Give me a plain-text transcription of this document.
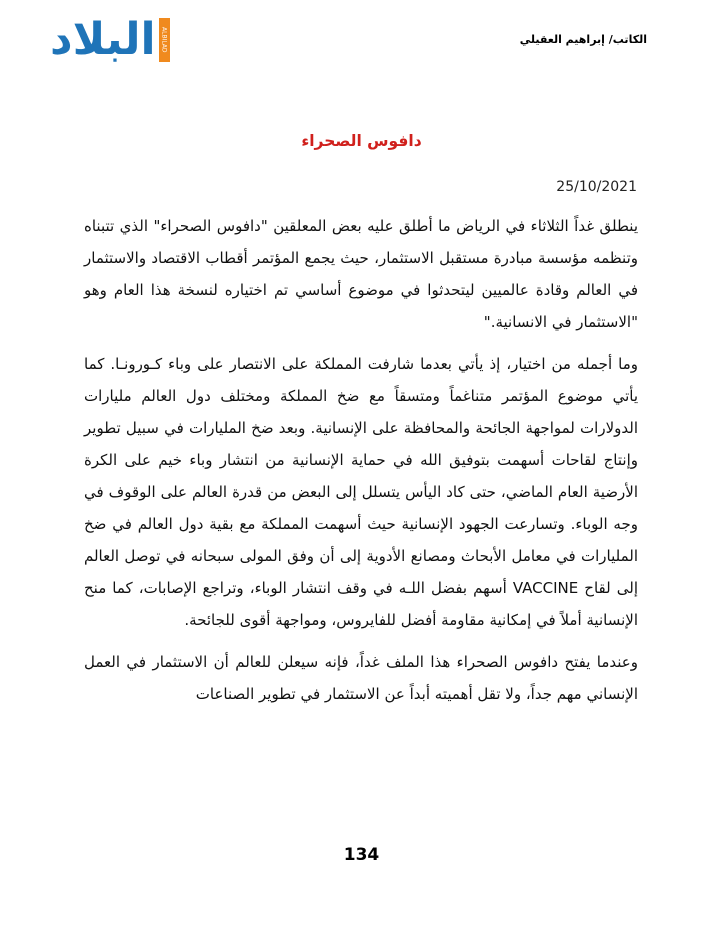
البلاد ALBILAD	الكاتب/ إبراهيم العقيلي
دافوس الصحراء
25/10/2021

ينطلق غداً الثلاثاء في الرياض ما أطلق عليه بعض المعلقين "دافوس الصحراء" الذي تتبناه وتنظمه مؤسسة مبادرة مستقبل الاستثمار، حيث يجمع المؤتمر أقطاب الاقتصاد والاستثمار في العالم وقادة عالميين ليتحدثوا في موضوع أساسي تم اختياره لنسخة هذا العام وهو "الاستثمار في الانسانية."

وما أجمله من اختيار، إذ يأتي بعدما شارفت المملكة على الانتصار على وباء كـورونـا. كما يأتي موضوع المؤتمر متناغماً ومتسقاً مع ضخ المملكة ومختلف دول العالم مليارات الدولارات لمواجهة الجائحة والمحافظة على الإنسانية. وبعد ضخ المليارات في سبيل تطوير وإنتاج لقاحات أسهمت بتوفيق الله في حماية الإنسانية من انتشار وباء خيم على الكرة الأرضية العام الماضي، حتى كاد اليأس يتسلل إلى البعض من قدرة العالم على الوقوف في وجه الوباء. وتسارعت الجهود الإنسانية حيث أسهمت المملكة مع بقية دول العالم في ضخ المليارات في معامل الأبحاث ومصانع الأدوية إلى أن وفق المولى سبحانه في توصل العالم إلى لقاح VACCINE أسهم بفضل اللـه في وقف انتشار الوباء، وتراجع الإصابات، كما منح الإنسانية أملاً في إمكانية مقاومة أفضل للفايروس، ومواجهة أقوى للجائحة.

وعندما يفتح دافوس الصحراء هذا الملف غداً، فإنه سيعلن للعالم أن الاستثمار في العمل الإنساني مهم جداً، ولا تقل أهميته أبداً عن الاستثمار في تطوير الصناعات

134
